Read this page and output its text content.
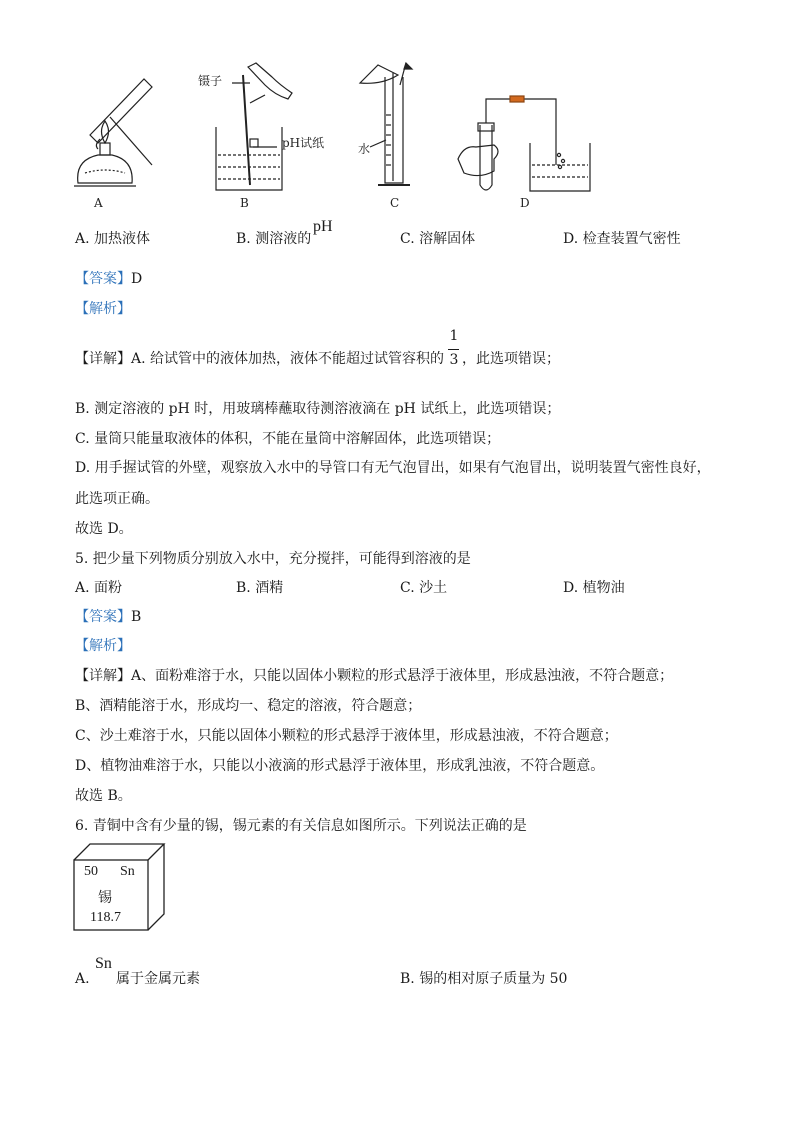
镊子
pH试纸	水
A	B	C	D
A. 加热液体	B. 测溶液的
pH
C. 溶解固体	D. 检查装置气密性
【答案】D
【解析】
【详解】A. 给试管中的液体加热，液体不能超过试管容积的
1
3 ，此选项错误；
B. 测定溶液的 pH 时，用玻璃棒蘸取待测溶液滴在 pH 试纸上，此选项错误；
C. 量筒只能量取液体的体积，不能在量筒中溶解固体，此选项错误；
D. 用手握试管的外壁，观察放入水中的导管口有无气泡冒出，如果有气泡冒出，说明装置气密性良好，
此选项正确。
故选 D。
5. 把少量下列物质分别放入水中，充分搅拌，可能得到溶液的是
A. 面粉	B. 酒精	C. 沙土	D. 植物油
【答案】B
【解析】
【详解】A、面粉难溶于水，只能以固体小颗粒的形式悬浮于液体里，形成悬浊液，不符合题意；
B、酒精能溶于水，形成均一、稳定的溶液，符合题意；
C、沙土难溶于水，只能以固体小颗粒的形式悬浮于液体里，形成悬浊液，不符合题意；
D、植物油难溶于水，只能以小液滴的形式悬浮于液体里，形成乳浊液，不符合题意。
故选 B。
6. 青铜中含有少量的锡，锡元素的有关信息如图所示。下列说法正确的是
50 Sn
锡
118.7
A.
Sn
属于金属元素	B. 锡的相对原子质量为 50
